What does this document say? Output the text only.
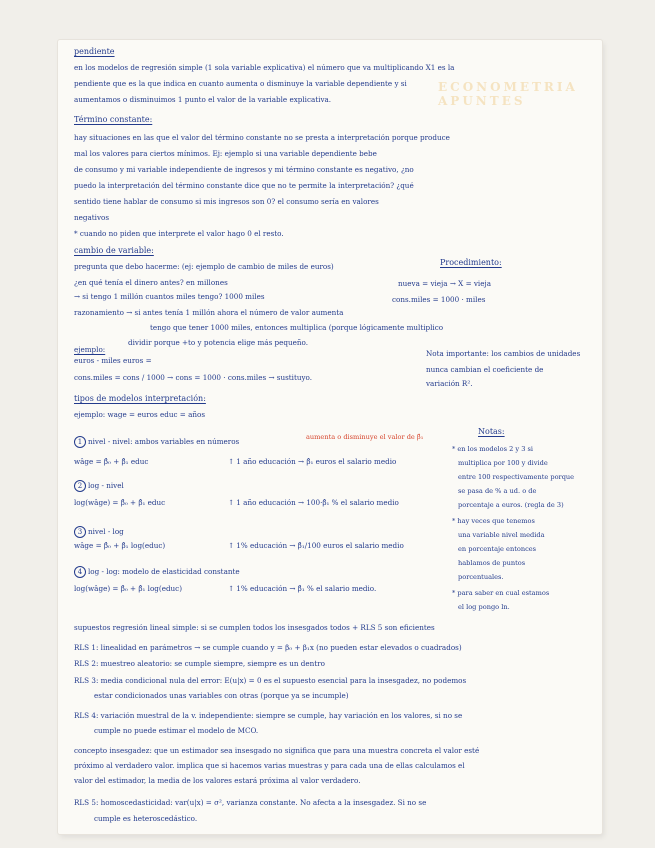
ECONOMETRIA APUNTES
pendiente
en los modelos de regresión simple (1 sola variable explicativa) el número que va multiplicando X1 es la
pendiente que es la que indica en cuanto aumenta o disminuye la variable dependiente y si
aumentamos o disminuimos 1 punto el valor de la variable explicativa.
Término constante:
hay situaciones en las que el valor del término constante no se presta a interpretación porque produce
mal los valores para ciertos mínimos. Ej: ejemplo si una variable dependiente bebe
de consumo y mi variable independiente de ingresos y mi término constante es negativo, ¿no
puedo la interpretación del término constante dice que no te permite la interpretación? ¿qué
sentido tiene hablar de consumo si mis ingresos son 0? el consumo sería en valores
negativos
* cuando no piden que interprete el valor hago 0 el resto.
cambio de variable:
pregunta que debo hacerme: (ej: ejemplo de cambio de miles de euros)
¿en qué tenía el dinero antes? en millones
→ si tengo 1 millón cuantos miles tengo? 1000 miles
razonamiento → si antes tenía 1 millón ahora el número de valor aumenta
tengo que tener 1000 miles, entonces multiplica (porque lógicamente multiplico
dividir porque +to y potencia elige más pequeño.
ejemplo:
euros - miles euros =
cons.miles = cons / 1000 → cons = 1000 · cons.miles → sustituyo.
Procedimiento:
nueva = vieja → X = vieja
cons.miles = 1000 · miles
Nota importante: los cambios de unidades
nunca cambian el coeficiente de
variación R².
tipos de modelos interpretación:
ejemplo: wage = euros educ = años
1 nivel - nivel: ambos variables en números
wâge = β̂₀ + β̂₁ educ	↑ 1 año educación → β̂₁ euros el salario medio
aumenta o disminuye el valor de β̂₁
2 log - nivel
log(wâge) = β̂₀ + β̂₁ educ	↑ 1 año educación → 100·β̂₁ % el salario medio
3 nivel - log
wâge = β̂₀ + β̂₁ log(educ)	↑ 1% educación → β̂₁/100 euros el salario medio
4 log - log: modelo de elasticidad constante
log(wâge) = β̂₀ + β̂₁ log(educ)	↑ 1% educación → β̂₁ % el salario medio.
Notas:
* en los modelos 2 y 3 si
multiplica por 100 y divide
entre 100 respectivamente porque
se pasa de % a ud. o de
porcentaje a euros. (regla de 3)
* hay veces que tenemos
una variable nivel medida
en porcentaje entonces
hablamos de puntos
porcentuales.
* para saber en cual estamos
el log pongo ln.
supuestos regresión lineal simple: si se cumplen todos los insesgados todos + RLS 5 son eficientes
RLS 1: linealidad en parámetros → se cumple cuando y = β₀ + β₁x (no pueden estar elevados o cuadrados)
RLS 2: muestreo aleatorio: se cumple siempre, siempre es un dentro
RLS 3: media condicional nula del error: E(u|x) = 0 es el supuesto esencial para la insesgadez, no podemos
estar condicionados unas variables con otras (porque ya se incumple)
RLS 4: variación muestral de la v. independiente: siempre se cumple, hay variación en los valores, si no se
cumple no puede estimar el modelo de MCO.
concepto insesgadez: que un estimador sea insesgado no significa que para una muestra concreta el valor esté
próximo al verdadero valor. implica que si hacemos varias muestras y para cada una de ellas calculamos el
valor del estimador, la media de los valores estará próxima al valor verdadero.
RLS 5: homoscedasticidad: var(u|x) = σ², varianza constante. No afecta a la insesgadez. Si no se
cumple es heteroscedástico.
